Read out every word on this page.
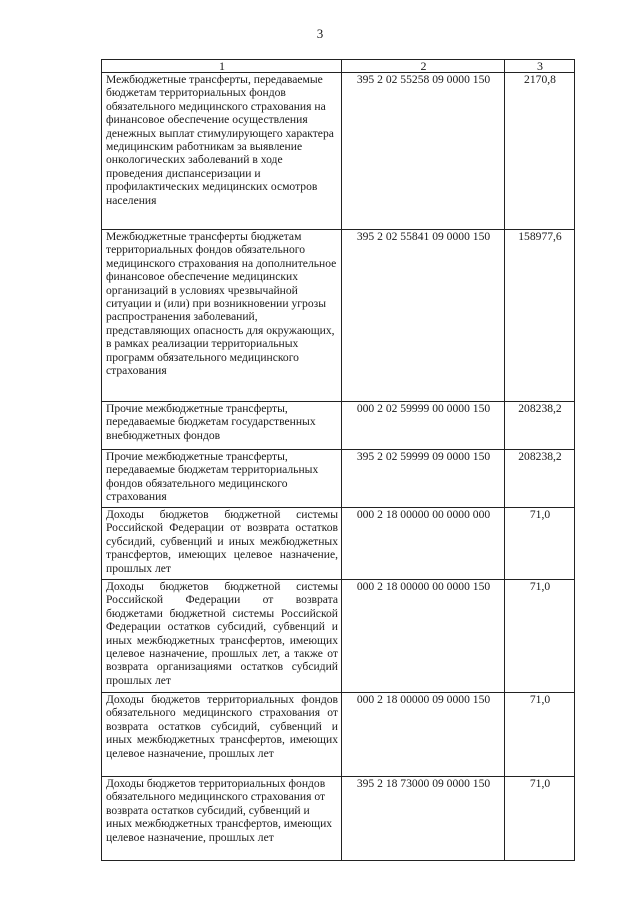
3
1	2	3
Межбюджетные трансферты, передаваемые бюджетам территориальных фондов обязательного медицинского страхования на финансовое обеспечение осуществления денежных выплат стимулирующего характера медицинским работникам за выявление онкологических заболеваний в ходе проведения диспансеризации и профилактических медицинских осмотров населения	395 2 02 55258 09 0000 150	2170,8
Межбюджетные трансферты бюджетам территориальных фондов обязательного медицинского страхования на дополнительное финансовое обеспечение медицинских организаций в условиях чрезвычайной ситуации и (или) при возникновении угрозы распространения заболеваний, представляющих опасность для окружающих, в рамках реализации территориальных программ обязательного медицинского страхования	395 2 02 55841 09 0000 150	158977,6
Прочие межбюджетные трансферты, передаваемые бюджетам государственных внебюджетных фондов	000 2 02 59999 00 0000 150	208238,2
Прочие межбюджетные трансферты, передаваемые бюджетам территориальных фондов обязательного медицинского страхования	395 2 02 59999 09 0000 150	208238,2
Доходы бюджетов бюджетной системы Российской Федерации от возврата остатков субсидий, субвенций и иных межбюджетных трансфертов, имеющих целевое назначение, прошлых лет	000 2 18 00000 00 0000 000	71,0
Доходы бюджетов бюджетной системы Российской Федерации от возврата бюджетами бюджетной системы Российской Федерации остатков субсидий, субвенций и иных межбюджетных трансфертов, имеющих целевое назначение, прошлых лет, а также от возврата организациями остатков субсидий прошлых лет	000 2 18 00000 00 0000 150	71,0
Доходы бюджетов территориальных фондов обязательного медицинского страхования от возврата остатков субсидий, субвенций и иных межбюджетных трансфертов, имеющих целевое назначение, прошлых лет	000 2 18 00000 09 0000 150	71,0
Доходы бюджетов территориальных фондов обязательного медицинского страхования от возврата остатков субсидий, субвенций и иных межбюджетных трансфертов, имеющих целевое назначение, прошлых лет	395 2 18 73000 09 0000 150	71,0
